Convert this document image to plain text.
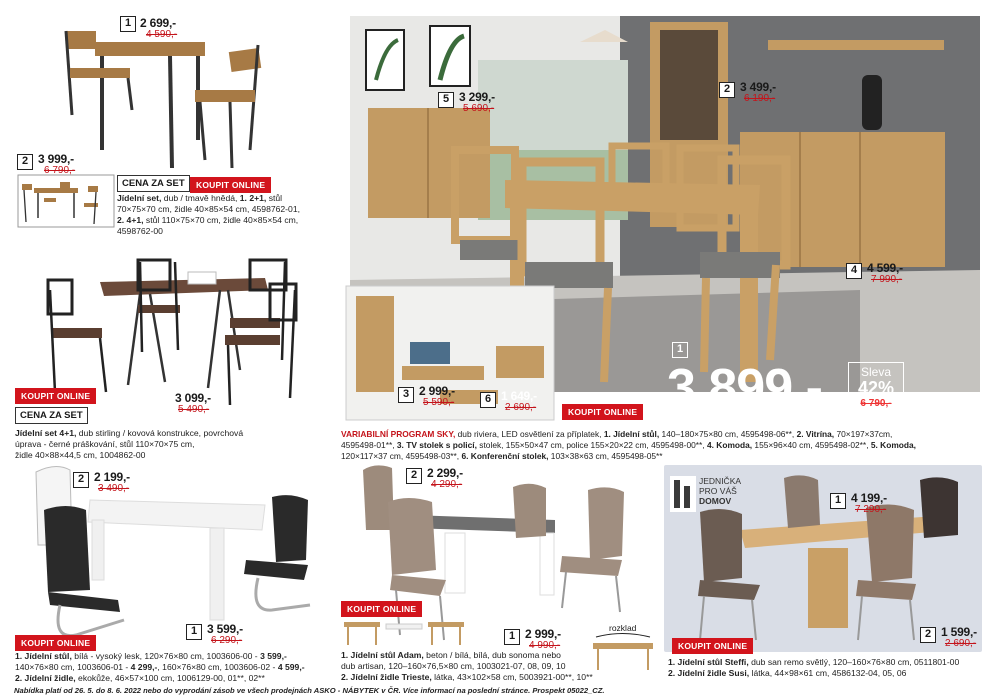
1 2 699,-
4 590,-
2 3 999,-
6 790,-
CENA ZA SET	KOUPIT ONLINE
Jídelní set, dub / tmavě hnědá, 1. 2+1, stůl
70×75×70 cm, židle 40×85×54 cm, 4598762-01,
2. 4+1, stůl 110×75×70 cm, židle 40×85×54 cm,
4598762-00
KOUPIT ONLINE	3 099,-
5 490,-
CENA ZA SET
Jídelní set 4+1, dub stirling / kovová konstrukce, povrchová
úprava - černé práškování, stůl 110×70×75 cm,
židle 40×88×44,5 cm, 1004862-00
2 2 199,-
3 490,-
1 3 599,-
6 290,-
KOUPIT ONLINE
1. Jídelní stůl, bílá - vysoký lesk, 120×76×80 cm, 1003606-00 - 3 599,-
140×76×80 cm, 1003606-01 - 4 299,-, 160×76×80 cm, 1003606-02 - 4 599,-
2. Jídelní židle, ekokůže, 46×57×100 cm, 1006129-00, 01**, 02**
5 3 299,-
5 690,-
2 3 499,-
6 190,-
4 4 599,-
7 990,-
3 2 999,-
5 590,-	6 1 649,-
2 690,-	KOUPIT ONLINE
1
3 899,-	Sleva
42%
6 790,-
VARIABILNÍ PROGRAM SKY, dub riviera, LED osvětlení za příplatek, 1. Jídelní stůl, 140–180×75×80 cm, 4595498-06**, 2. Vitrína, 70×197×37cm,
4595498-01**, 3. TV stolek s policí, stolek, 155×50×47 cm, police 155×20×22 cm, 4595498-00**, 4. Komoda, 155×96×40 cm, 4595498-02**, 5. Komoda,
120×117×37 cm, 4595498-03**, 6. Konferenční stolek, 103×38×63 cm, 4595498-05**
2 2 299,-
4 290,-
KOUPIT ONLINE
1 2 999,-
4 990,-
rozklad
1. Jídelní stůl Adam, beton / bílá, bílá, dub sonoma nebo
dub artisan, 120–160×76,5×80 cm, 1003021-07, 08, 09, 10
2. Jídelní židle Trieste, látka, 43×102×58 cm, 5003921-00**, 10**
JEDNIČKA
PRO VÁŠ
DOMOV	1 4 199,-
7 290,-
KOUPIT ONLINE
2 1 599,-
2 690,-
1. Jídelní stůl Steffi, dub san remo světlý, 120–160×76×80 cm, 0511801-00
2. Jídelní židle Susi, látka, 44×98×61 cm, 4586132-04, 05, 06
Nabídka platí od 26. 5. do 8. 6. 2022 nebo do vyprodání zásob ve všech prodejnách ASKO - NÁBYTEK v ČR. Více informací na poslední stránce. Prospekt 05022_CZ.
